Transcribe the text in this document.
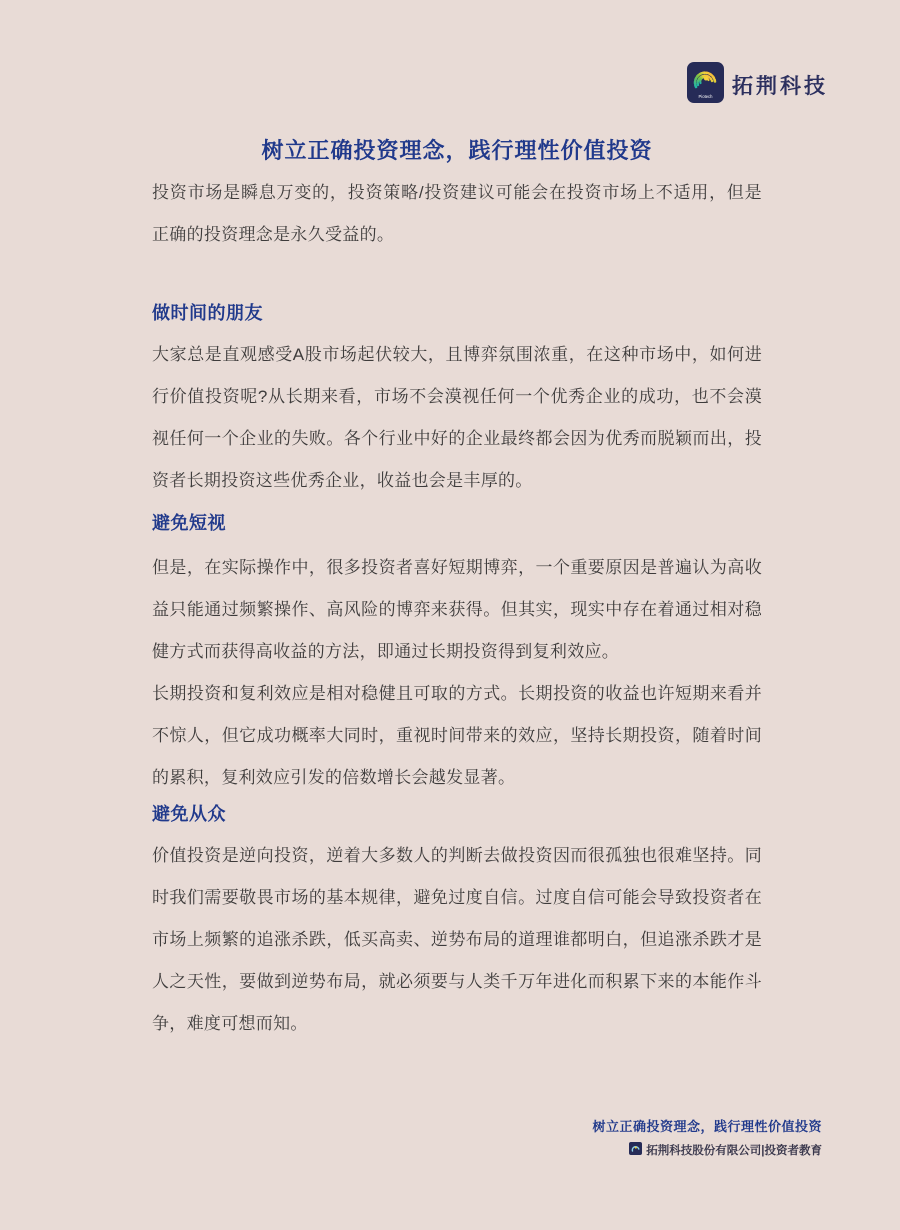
Piotech 拓荆科技
树立正确投资理念，践行理性价值投资

投资市场是瞬息万变的，投资策略/投资建议可能会在投资市场上不适用，但是正确的投资理念是永久受益的。

做时间的朋友

大家总是直观感受A股市场起伏较大，且博弈氛围浓重，在这种市场中，如何进行价值投资呢?从长期来看，市场不会漠视任何一个优秀企业的成功，也不会漠视任何一个企业的失败。各个行业中好的企业最终都会因为优秀而脱颖而出，投资者长期投资这些优秀企业，收益也会是丰厚的。

避免短视

但是，在实际操作中，很多投资者喜好短期博弈，一个重要原因是普遍认为高收益只能通过频繁操作、高风险的博弈来获得。但其实，现实中存在着通过相对稳健方式而获得高收益的方法，即通过长期投资得到复利效应。

长期投资和复利效应是相对稳健且可取的方式。长期投资的收益也许短期来看并不惊人，但它成功概率大同时，重视时间带来的效应，坚持长期投资，随着时间的累积，复利效应引发的倍数增长会越发显著。

避免从众

价值投资是逆向投资，逆着大多数人的判断去做投资因而很孤独也很难坚持。同时我们需要敬畏市场的基本规律，避免过度自信。过度自信可能会导致投资者在市场上频繁的追涨杀跌，低买高卖、逆势布局的道理谁都明白，但追涨杀跌才是人之天性，要做到逆势布局，就必须要与人类千万年进化而积累下来的本能作斗争，难度可想而知。

树立正确投资理念，践行理性价值投资
拓荆科技股份有限公司|投资者教育
